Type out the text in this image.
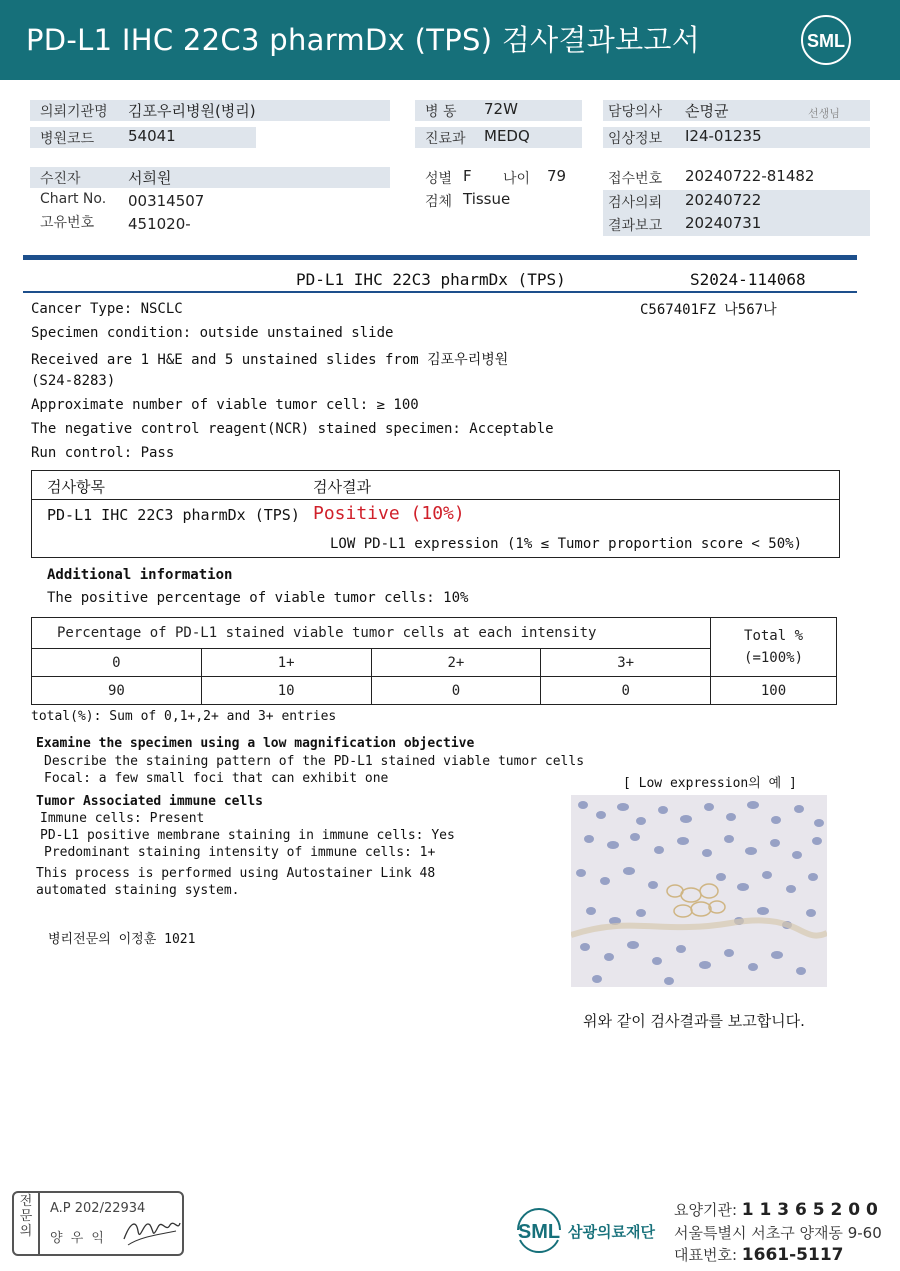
PD-L1 IHC 22C3 pharmDx (TPS) 검사결과보고서	SML
의뢰기관명 김포우리병원(병리)
병원코드 54041
병 동 72W
진료과 MEDQ
담당의사 손명균	선생님
임상정보 I24-01235
수진자	서희원
Chart No. 00314507
고유번호 451020-
성별 F 나이 79
검체 Tissue
접수번호 20240722-81482
검사의뢰 20240722
결과보고 20240731
PD-L1 IHC 22C3 pharmDx (TPS)	S2024-114068
C567401FZ 나567나
Cancer Type: NSCLC
Specimen condition: outside unstained slide
Received are 1 H&E and 5 unstained slides from 김포우리병원
(S24-8283)
Approximate number of viable tumor cell: ≥ 100
The negative control reagent(NCR) stained specimen: Acceptable
Run control: Pass
검사항목	검사결과
PD-L1 IHC 22C3 pharmDx (TPS) Positive (10%)
LOW PD-L1 expression (1% ≤ Tumor proportion score < 50%)
Additional information
The positive percentage of viable tumor cells: 10%
Percentage of PD-L1 stained viable tumor cells at each intensity				Total %
(=100%)

0	1+	2+	3+	
90	10	0	0	100
total(%): Sum of 0,1+,2+ and 3+ entries
Examine the specimen using a low magnification objective
Describe the staining pattern of the PD-L1 stained viable tumor cells
Focal: a few small foci that can exhibit one	[ Low expression의 예 ]
Tumor Associated immune cells
Immune cells: Present
PD-L1 positive membrane staining in immune cells: Yes
Predominant staining intensity of immune cells: 1+
This process is performed using Autostainer Link 48
automated staining system.
병리전문의 이정훈 1021
위와 같이 검사결과를 보고합니다.
전문의
A.P 202/22934
양 우 익	SML 삼광의료재단
요양기관: 1 1 3 6 5 2 0 0
서울특별시 서초구 양재동 9-60
대표번호: 1661-5117
